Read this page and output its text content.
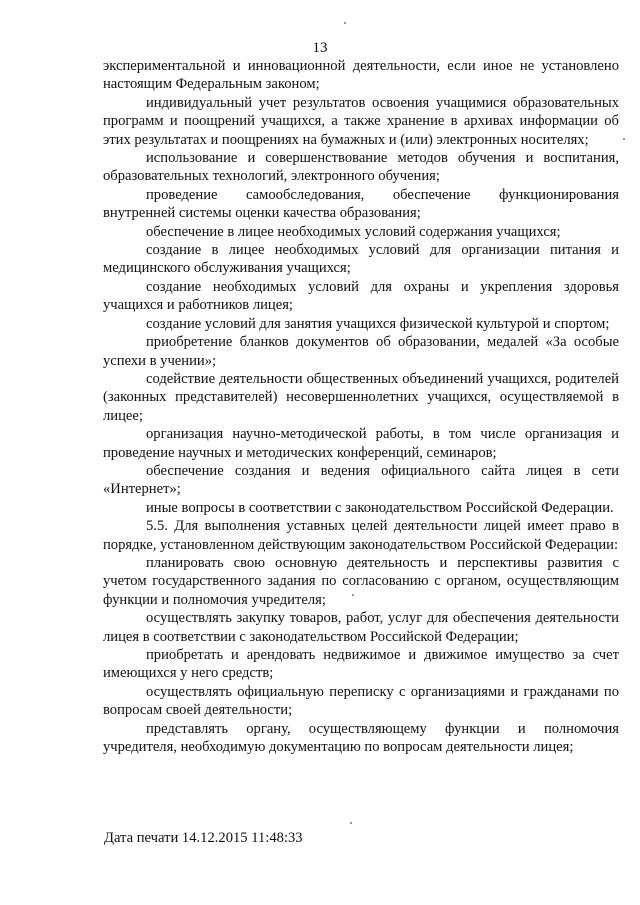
13

экспериментальной и инновационной деятельности, если иное не установлено настоящим Федеральным законом;

индивидуальный учет результатов освоения учащимися образовательных программ и поощрений учащихся, а также хранение в архивах информации об этих результатах и поощрениях на бумажных и (или) электронных носителях;

использование и совершенствование методов обучения и воспитания, образовательных технологий, электронного обучения;

проведение самообследования, обеспечение функционирования внутренней системы оценки качества образования;

обеспечение в лицее необходимых условий содержания учащихся;

создание в лицее необходимых условий для организации питания и медицинского обслуживания учащихся;

создание необходимых условий для охраны и укрепления здоровья учащихся и работников лицея;

создание условий для занятия учащихся физической культурой и спортом;

приобретение бланков документов об образовании, медалей «За особые успехи в учении»;

содействие деятельности общественных объединений учащихся, родителей (законных представителей) несовершеннолетних учащихся, осуществляемой в лицее;

организация научно-методической работы, в том числе организация и проведение научных и методических конференций, семинаров;

обеспечение создания и ведения официального сайта лицея в сети «Интернет»;

иные вопросы в соответствии с законодательством Российской Федерации.

5.5. Для выполнения уставных целей деятельности лицей имеет право в порядке, установленном действующим законодательством Российской Федерации:

планировать свою основную деятельность и перспективы развития с учетом государственного задания по согласованию с органом, осуществляющим функции и полномочия учредителя;

осуществлять закупку товаров, работ, услуг для обеспечения деятельности лицея в соответствии с законодательством Российской Федерации;

приобретать и арендовать недвижимое и движимое имущество за счет имеющихся у него средств;

осуществлять официальную переписку с организациями и гражданами по вопросам своей деятельности;

представлять органу, осуществляющему функции и полномочия учредителя, необходимую документацию по вопросам деятельности лицея;

Дата печати 14.12.2015 11:48:33
